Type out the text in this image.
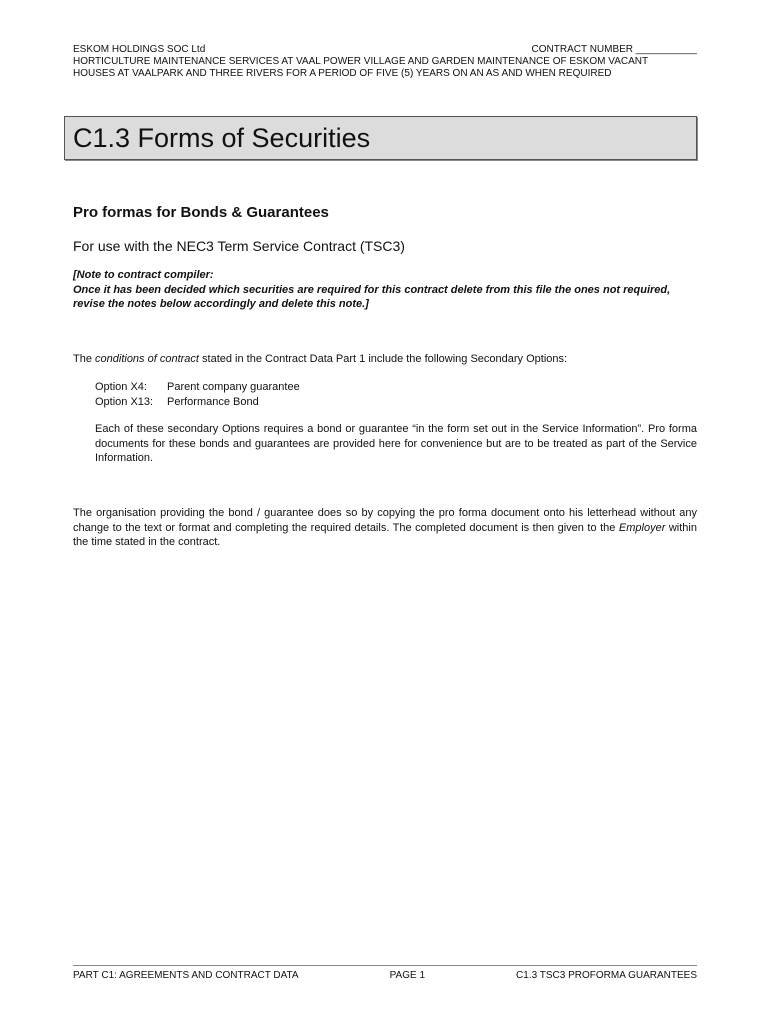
ESKOM HOLDINGS SOC Ltd	CONTRACT NUMBER ___________
HORTICULTURE MAINTENANCE SERVICES AT VAAL POWER VILLAGE AND GARDEN MAINTENANCE OF ESKOM VACANT
HOUSES AT VAALPARK AND THREE RIVERS FOR A PERIOD OF FIVE (5) YEARS ON AN AS AND WHEN REQUIRED
C1.3 Forms of Securities
Pro formas for Bonds & Guarantees
For use with the NEC3 Term Service Contract (TSC3)
[Note to contract compiler:
Once it has been decided which securities are required for this contract delete from this file the ones not required, revise the notes below accordingly and delete this note.]
The conditions of contract stated in the Contract Data Part 1 include the following Secondary Options:
Option X4: Parent company guarantee
Option X13: Performance Bond
Each of these secondary Options requires a bond or guarantee “in the form set out in the Service Information”. Pro forma documents for these bonds and guarantees are provided here for convenience but are to be treated as part of the Service Information.
The organisation providing the bond / guarantee does so by copying the pro forma document onto his letterhead without any change to the text or format and completing the required details. The completed document is then given to the Employer within the time stated in the contract.
PART C1: AGREEMENTS AND CONTRACT DATA	PAGE 1	C1.3 TSC3 PROFORMA GUARANTEES
